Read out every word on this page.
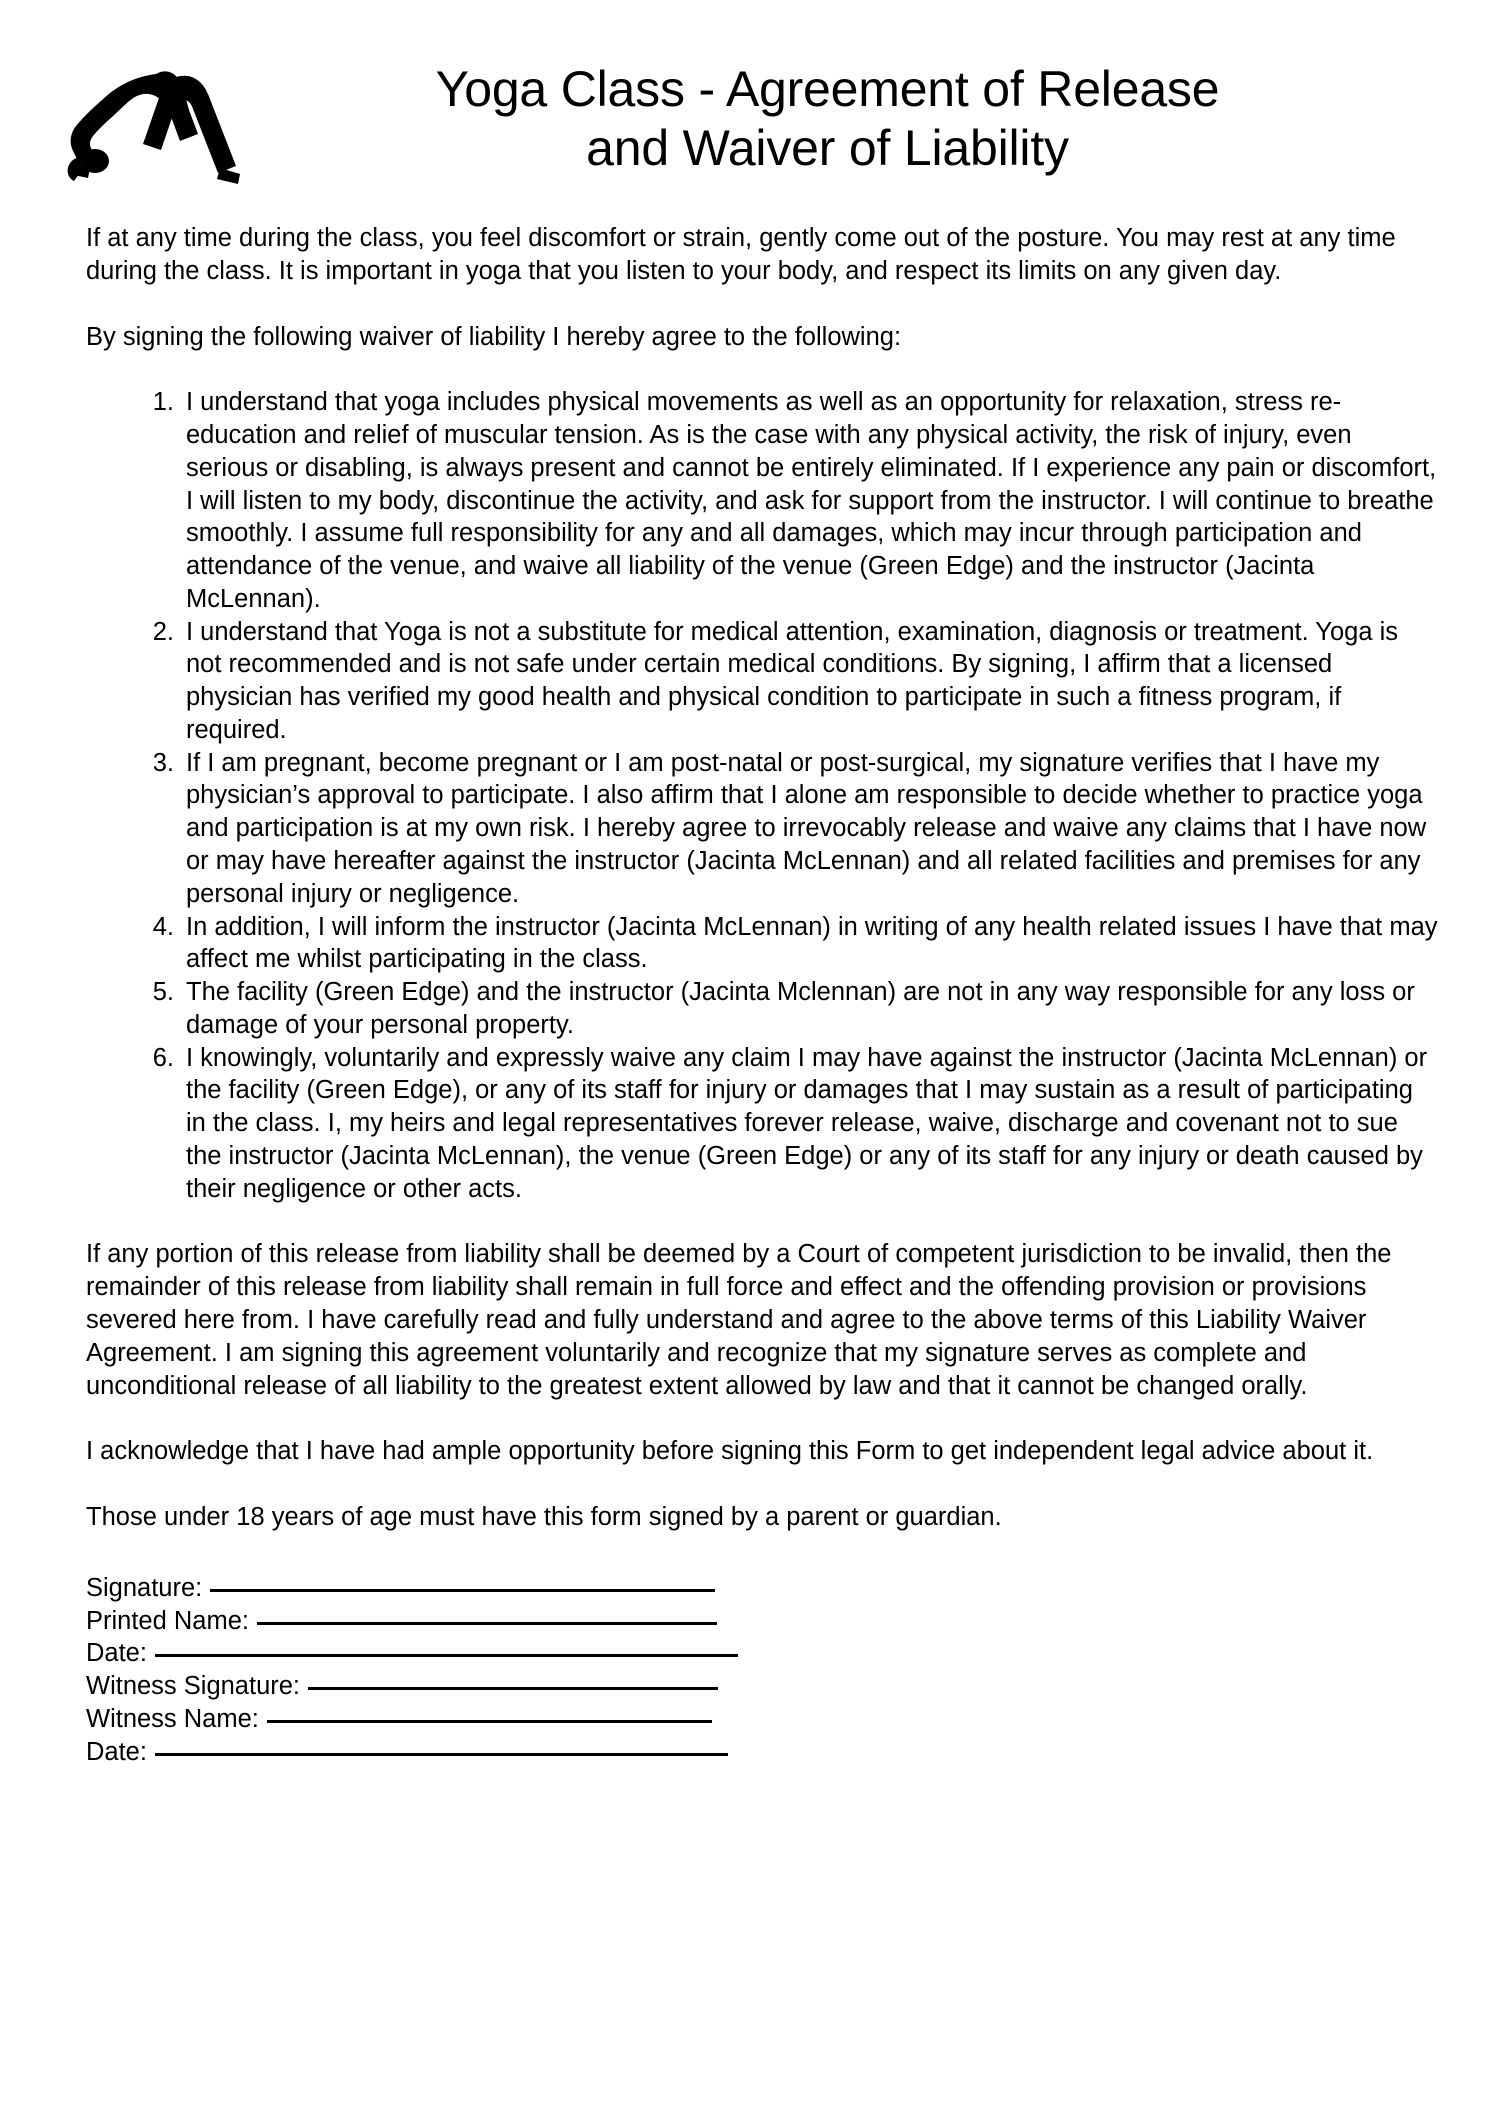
Yoga Class - Agreement of Release
and Waiver of Liability

If at any time during the class, you feel discomfort or strain, gently come out of the posture. You may rest at any time during the class. It is important in yoga that you listen to your body, and respect its limits on any given day.

By signing the following waiver of liability I hereby agree to the following:

I understand that yoga includes physical movements as well as an opportunity for relaxation, stress re-education and relief of muscular tension. As is the case with any physical activity, the risk of injury, even serious or disabling, is always present and cannot be entirely eliminated. If I experience any pain or discomfort, I will listen to my body, discontinue the activity, and ask for support from the instructor. I will continue to breathe smoothly. I assume full responsibility for any and all damages, which may incur through participation and attendance of the venue, and waive all liability of the venue (Green Edge) and the instructor (Jacinta McLennan).
I understand that Yoga is not a substitute for medical attention, examination, diagnosis or treatment. Yoga is not recommended and is not safe under certain medical conditions. By signing, I affirm that a licensed physician has verified my good health and physical condition to participate in such a fitness program, if required.
If I am pregnant, become pregnant or I am post-natal or post-surgical, my signature verifies that I have my physician’s approval to participate. I also affirm that I alone am responsible to decide whether to practice yoga and participation is at my own risk. I hereby agree to irrevocably release and waive any claims that I have now or may have hereafter against the instructor (Jacinta McLennan) and all related facilities and premises for any personal injury or negligence.
In addition, I will inform the instructor (Jacinta McLennan) in writing of any health related issues I have that may affect me whilst participating in the class.
The facility (Green Edge) and the instructor (Jacinta Mclennan) are not in any way responsible for any loss or damage of your personal property.
I knowingly, voluntarily and expressly waive any claim I may have against the instructor (Jacinta McLennan) or the facility (Green Edge), or any of its staff for injury or damages that I may sustain as a result of participating in the class. I, my heirs and legal representatives forever release, waive, discharge and covenant not to sue the instructor (Jacinta McLennan), the venue (Green Edge) or any of its staff for any injury or death caused by their negligence or other acts.

If any portion of this release from liability shall be deemed by a Court of competent jurisdiction to be invalid, then the remainder of this release from liability shall remain in full force and effect and the offending provision or provisions severed here from. I have carefully read and fully understand and agree to the above terms of this Liability Waiver Agreement. I am signing this agreement voluntarily and recognize that my signature serves as complete and unconditional release of all liability to the greatest extent allowed by law and that it cannot be changed orally.

I acknowledge that I have had ample opportunity before signing this Form to get independent legal advice about it.

Those under 18 years of age must have this form signed by a parent or guardian.

Signature:
Printed Name:
Date:
Witness Signature:
Witness Name:
Date:
